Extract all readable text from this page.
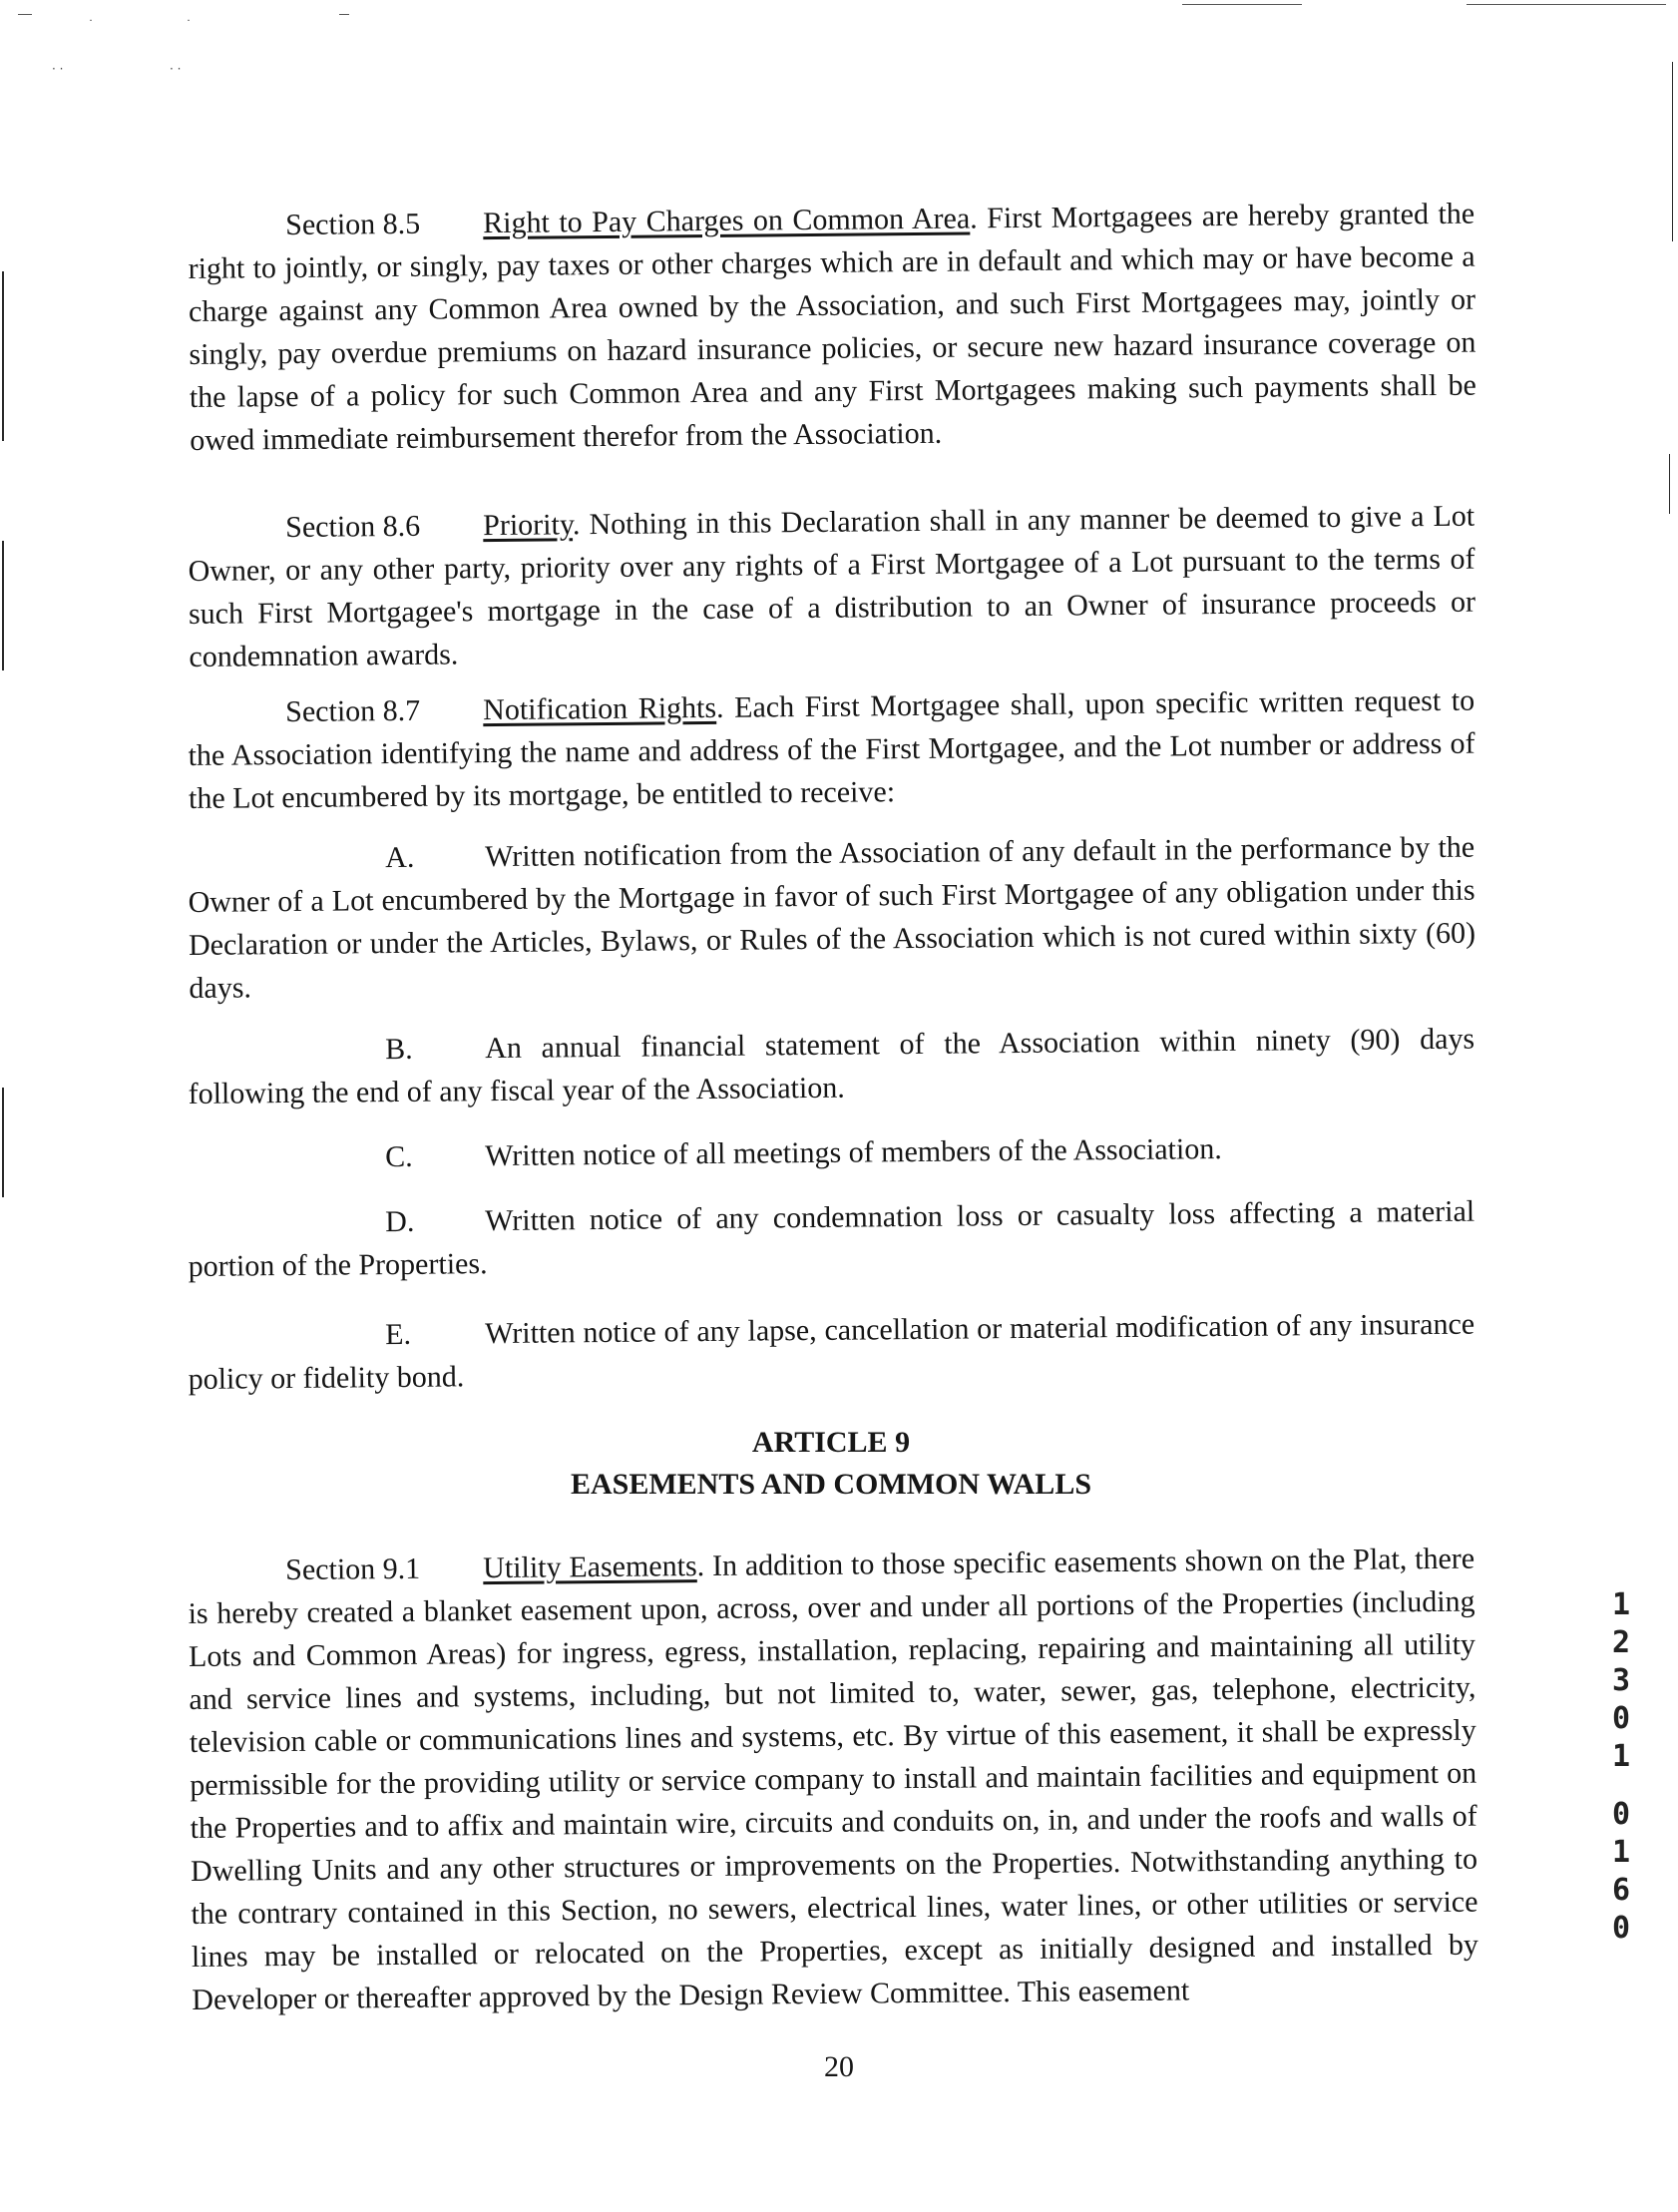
˙	˙
· ·	· ·

Section 8.5 Right to Pay Charges on Common Area. First Mortgagees are hereby granted the right to jointly, or singly, pay taxes or other charges which are in default and which may or have become a charge against any Common Area owned by the Association, and such First Mortgagees may, jointly or singly, pay overdue premiums on hazard insurance policies, or secure new hazard insurance coverage on the lapse of a policy for such Common Area and any First Mortgagees making such payments shall be owed immediate reimbursement therefor from the Association.

Section 8.6 Priority. Nothing in this Declaration shall in any manner be deemed to give a Lot Owner, or any other party, priority over any rights of a First Mortgagee of a Lot pursuant to the terms of such First Mortgagee's mortgage in the case of a distribution to an Owner of insurance proceeds or condemnation awards.

Section 8.7 Notification Rights. Each First Mortgagee shall, upon specific written request to the Association identifying the name and address of the First Mortgagee, and the Lot number or address of the Lot encumbered by its mortgage, be entitled to receive:

A. Written notification from the Association of any default in the performance by the Owner of a Lot encumbered by the Mortgage in favor of such First Mortgagee of any obligation under this Declaration or under the Articles, Bylaws, or Rules of the Association which is not cured within sixty (60) days.

B. An annual financial statement of the Association within ninety (90) days following the end of any fiscal year of the Association.

C. Written notice of all meetings of members of the Association.

D. Written notice of any condemnation loss or casualty loss affecting a material portion of the Properties.

E. Written notice of any lapse, cancellation or material modification of any insurance policy or fidelity bond.

ARTICLE 9

EASEMENTS AND COMMON WALLS

Section 9.1 Utility Easements. In addition to those specific easements shown on the Plat, there is hereby created a blanket easement upon, across, over and under all portions of the Properties (including Lots and Common Areas) for ingress, egress, installation, replacing, repairing and maintaining all utility and service lines and systems, including, but not limited to, water, sewer, gas, telephone, electricity, television cable or communications lines and systems, etc. By virtue of this easement, it shall be expressly permissible for the providing utility or service company to install and maintain facilities and equipment on the Properties and to affix and maintain wire, circuits and conduits on, in, and under the roofs and walls of Dwelling Units and any other structures or improvements on the Properties. Notwithstanding anything to the contrary contained in this Section, no sewers, electrical lines, water lines, or other utilities or service lines may be installed or relocated on the Properties, except as initially designed and installed by Developer or thereafter approved by the Design Review Committee. This easement

20
1
2
3
0
1
0
1
6
0
